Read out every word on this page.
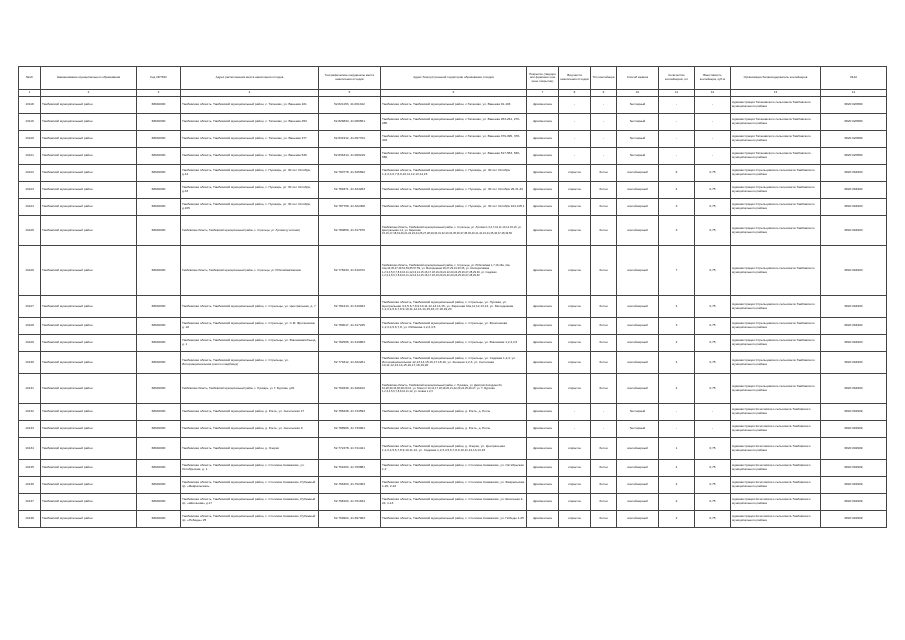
№п/п	Наименование муниципального образования	Код ОКТМО	Адрес расположения места накопления отходов	Географические координаты места накопления отходов	Адрес благоустроенной территории образования отходов	Покрытие (твердое или фрагмент-ное иное покрытие)	Вид места накопления отходов	Тип контейнера	Способ вывоза	Количество контейнеров, шт	Вместимость контейнера, куб.м	Организация балансодержатель контейнеров	ИНН
1	2	3	4	5	6	7	8	9	10	11	12	13	14
13118	Тамбовский муниципальный район	68640000	Тамбовская область, Тамбовский муниципальный район, с. Татаново, ул. Ванеева 101	52.821153, 41.061012	Тамбовская область, Тамбовский муниципальный район, с.Татаново, ул. Ванеева 91-103	фрагментное	-	-	бестарный	-	-	Администрация Татановского сельсовета Тамбовского муниципального района	6820 020580
13119	Тамбовский муниципальный район	68640000	Тамбовская область, Тамбовский муниципальный район, с. Татаново, ул. Ванеева 253	52.826834, 41.066561	Тамбовская область, Тамбовский муниципальный район, с.Татаново, ул. Ванеева 253-261, 270-280	фрагментное	-	-	бестарный	-	-	Администрация Татановского сельсовета Тамбовского муниципального района	6820 020580
13120	Тамбовский муниципальный район	68640000	Тамбовская область, Тамбовский муниципальный район, с. Татаново, ул. Ванеева 377	52.831912, 41.067704	Тамбовская область, Тамбовский муниципальный район, с.Татаново, ул. Ванеева 379-395, 378-402	фрагментное	-	-	бестарный	-	-	Администрация Татановского сельсовета Тамбовского муниципального района	6820 020580
13121	Тамбовский муниципальный район	68640000	Тамбовская область, Тамбовский муниципальный район, с. Татаново, ул. Ванеева 539	52.836314, 41.069219	Тамбовская область, Тамбовский муниципальный район, с.Татаново, ул. Ванеева 517-553, 536-580	фрагментное	-	-	бестарный	-	-	Администрация Татановского сельсовета Тамбовского муниципального района	6820 020580
13122	Тамбовский муниципальный район	68640000	Тамбовская область, Тамбовский муниципальный район, с. Пушкарь, ул. 30 лет Октября, д.14	52.790778, 41.325692	Тамбовская область, Тамбовский муниципальный район, с. Пушкарь, ул. 30 лет Октября 1,2,3,4,6,7,8,9,10,11,12,13,14,15	фрагментное	открытое	бетон	контейнерный	6	0,75	Администрация Стрельцовского сельсовета Тамбовского муниципального района	6820 004900
13123	Тамбовский муниципальный район	68640000	Тамбовская область, Тамбовский муниципальный район, с. Пушкарь, ул. 30 лет Октября, д.33	52.789371, 41.324263	Тамбовская область, Тамбовский муниципальный район, с. Пушкарь, ул. 30 лет Октября 29,31,33	фрагментное	открытое	бетон	контейнерный	4	0,75	Администрация Стрельцовского сельсовета Тамбовского муниципального района	6820 004900
13124	Тамбовский муниципальный район	68640000	Тамбовская область, Тамбовский муниципальный район, с. Пушкарь, ул. 30 лет Октября, д.105	52.787768, 41.322408	Тамбовская область, Тамбовский муниципальный район, с. Пушкарь, ул. 30 лет Октября 104,105,1	фрагментное	открытое	бетон	контейнерный	3	0,75	Администрация Стрельцовского сельсовета Тамбовского муниципального района	6820 004900
13125	Тамбовский муниципальный район	68640000	Тамбовская область, Тамбовский муниципальный район, с. Стрельцы, ул. Луговая (у колонки)	52.780809, 41.317976	Тамбовская область, Тамбовский муниципальный район, с. Стрельцы, ул. Луговая 1,3,4,7,10,11,13,14,15,16, ул. Центральная 1,2, ул. Заречная 15,16,17,18,19,20,21,22,23,24,25,27,28,29,30,31,32,33,34,35,36,37,38,39,40,41,42,43,44,45,46,47,48,49,50	фрагментное	открытое	бетон	контейнерный	3	0,75	Администрация Стрельцовского сельсовета Тамбовского муниципального района	6820 004900
13126	Тамбовский муниципальный район	68640000	Тамбовская область, Тамбовский муниципальный район, с. Стрельцы, ул. Юбилейная/магазин	52.778233, 41.310372	Тамбовская область, Тамбовский муниципальный район, с. Стрельцы, ул. Юбилейная 1,7,16,19а, 11а, 41а,43,45,47,49,51,53,55,57,59, ул. Молодежная 25,27,29,31,33,35, ул. Кооперативная 1,2,3,4,5,6,7,8,9,10,11,12,13,14,15,16,17,18,19,20,21,22,23,24,25,26,27,28,29,30, ул. Садовая 1,2,3,4,5,6,7,8,9,10,11,12,13,14,15,16,17,18,19,20,21,22,23,24,25,26,27,28,29,30	фрагментное	открытое	бетон	контейнерный	7	0,75	Администрация Стрельцовского сельсовета Тамбовского муниципального района	6820 004900
13127	Тамбовский муниципальный район	68640000	Тамбовская область, Тамбовский муниципальный район, с. Стрельцы, ул. Центральная, д. 7	52.784413, 41.319023	Тамбовская область, Тамбовский муниципальный район, с. Стрельцы, ул. Луговая, ул. Центральная 3,4,5,6,7,8,9,10,11,12,13,14,15, ул. Заречная 10а,11,12,13,14, ул. Молодежная 1,2,3,4,5,6,7,8,9,10,11,12,13,14,15,16,17,18,19,20	фрагментное	открытое	бетон	контейнерный	4	0,75	Администрация Стрельцовского сельсовета Тамбовского муниципального района	6820 004900
13128	Тамбовский муниципальный район	68640000	Тамбовская область, Тамбовский муниципальный район, с. Стрельцы, ул. С.М. Фроленкова, д. 18	52.789017, 41.317225	Тамбовская область, Тамбовский муниципальный район, с. Стрельцы, ул. Фроленкова 1,2,3,4,5,6,7,8, ул. Рябинова 1,2,3,4,5	фрагментное	открытое	бетон	контейнерный	3	0,75	Администрация Стрельцовского сельсовета Тамбовского муниципального района	6820 004900
13129	Тамбовский муниципальный район	68640000	Тамбовская область, Тамбовский муниципальный район, с. Стрельцы, ул. Вишневая/объезд, д. 1	52.782505, 41.319863	Тамбовская область, Тамбовский муниципальный район, с. Стрельцы, ул. Вишневая 1,2,3,4,5	фрагментное	открытое	бетон	контейнерный	2	0,75	Администрация Стрельцовского сельсовета Тамбовского муниципального района	6820 004900
13130	Тамбовский муниципальный район	68640000	Тамбовская область, Тамбовский муниципальный район, с. Стрельцы, ул. Интернациональная (около кладбища)	52.779312, 41.322261	Тамбовская область, Тамбовский муниципальный район, с. Стрельцы, ул. Садовая 1,2,3, ул. Интернациональная 12,13,14,15,16,17,18,19, ул. Зеленая 1,2,3, ул. Колхозная 10,11,12,13,14,15,16,17,18,19,20	фрагментное	открытое	бетон	контейнерный	4	0,75	Администрация Стрельцовского сельсовета Тамбовского муниципального района	6820 004900
13131	Тамбовский муниципальный район	68640000	Тамбовская область, Тамбовский муниципальный район, с. Пушкарь, ул. Т. Фурсова, д.84	52.769349, 41.326102	Тамбовская область, Тамбовский муниципальный район, с. Пушкарь, ул. Дмитрия Колодина 64, 61,28,30,34,60,28,20,10, ул. Юности 10,14,17,18,19,20,21,22,23,24,25,26,27, ул. Т. Фурсова 1,2,3,4,5,6,7,8,9,10,11,12, ул. Новая 1,2,3	фрагментное	открытое	бетон	контейнерный	4	0,75	Администрация Стрельцовского сельсовета Тамбовского муниципального района	6820 004900
13132	Тамбовский муниципальный район	68640000	Тамбовская область, Тамбовский муниципальный район, д. Рогль, ул. Ангельская 17	52.788438, 41.734593	Тамбовская область, Тамбовский муниципальный район, д. Рогль, д. Рогль	фрагментное	-	-	бестарный	-	-	Администрация Кочетовского сельсовета Тамбовского муниципального района	6820 002909
13133	Тамбовский муниципальный район	68640000	Тамбовская область, Тамбовский муниципальный район, д. Рогль, ул. Ангельская 9	52.788906, 41.733061	Тамбовская область, Тамбовский муниципальный район, д. Рогль, д. Рогль	фрагментное	-	-	бестарный	-	-	Администрация Кочетовского сельсовета Тамбовского муниципального района	6820 002909
13134	Тамбовский муниципальный район	68640000	Тамбовская область, Тамбовский муниципальный район, д. Озерки	52.772478, 41.721421	Тамбовская область, Тамбовский муниципальный район, д. Озерки, ул. Центральная 1,2,3,4,5,6,7,8,9,10,11,12, ул. Садовая 1,2,3,4,5,6,7,8,9,10,11,12,13,14,15	фрагментное	открытое	бетон	контейнерный	1	0,75	Администрация Кочетовского сельсовета Тамбовского муниципального района	6820 002909
13135	Тамбовский муниципальный район	68640000	Тамбовская область, Тамбовский муниципальный район, с. Столовое Княжаково, ул. Октябрьская, д. 1	52.761603, 41.709881	Тамбовская область, Тамбовский муниципальный район, с. Столовое Княжаково, ул. Октябрьская 1,2	фрагментное	открытое	бетон	контейнерный	4	0,75	Администрация Кочетовского сельсовета Тамбовского муниципального района	6820 002909
13136	Тамбовский муниципальный район	68640000	Тамбовская область, Тамбовский муниципальный район, с. Столовое Княжаково, Рубежный пр. «Февральская»	52.766303, 41.702363	Тамбовская область, Тамбовский муниципальный район, с. Столовое Княжаково, ул. Февральская 1-20, 2-22	фрагментное	открытое	бетон	контейнерный	2	0,75	Администрация Кочетовского сельсовета Тамбовского муниципального района	6820 002909
13137	Тамбовский муниципальный район	68640000	Тамбовская область, Тамбовский муниципальный район, с. Столовое Княжаково, Рубежный пр. «Школьная» д.17	52.768103, 41.701634	Тамбовская область, Тамбовский муниципальный район, с. Столовое Княжаково, ул. Школьная 2-24, 1-13	фрагментное	открытое	бетон	контейнерный	2	0,75	Администрация Кочетовского сельсовета Тамбовского муниципального района	6820 002909
13138	Тамбовский муниципальный район	68640000	Тамбовская область, Тамбовский муниципальный район, с. Столовое Княжаково, Рубежный пр. «Победы» 25	52.769904, 41.697063	Тамбовская область, Тамбовский муниципальный район, с. Столовое Княжаково, ул. Победы 1-25	фрагментное	открытое	бетон	контейнерный	2	0,75	Администрация Кочетовского сельсовета Тамбовского муниципального района	6820 002909
